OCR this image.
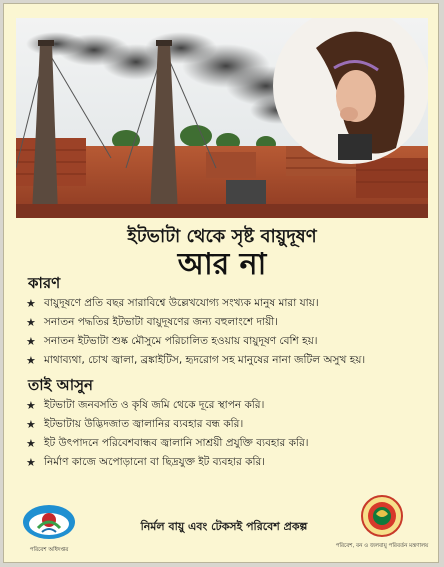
ইটভাটা থেকে সৃষ্ট বায়ুদূষণ
আর না
কারণ
★ বায়ুদূষণে প্রতি বছর সারাবিশ্বে উল্লেখযোগ্য সংখ্যক মানুষ মারা যায়।
★ সনাতন পদ্ধতির ইটভাটা বায়ুদূষণের জন্য বহুলাংশে দায়ী।
★ সনাতন ইটভাটা শুষ্ক মৌসুমে পরিচালিত হওয়ায় বায়ুদূষণ বেশি হয়।
★ মাথাব্যথা, চোখ জ্বালা, ব্রঙ্কাইটিস, হৃদরোগ সহ মানুষের নানা জটিল অসুখ হয়।
তাই আসুন
★ ইটভাটা জনবসতি ও কৃষি জমি থেকে দূরে স্থাপন করি।
★ ইটভাটায় উদ্ভিদজাত জ্বালানির ব্যবহার বন্ধ করি।
★ ইট উৎপাদনে পরিবেশবান্ধব জ্বালানি সাশ্রয়ী প্রযুক্তি ব্যবহার করি।
★ নির্মাণ কাজে অপোড়ানো বা ছিদ্রযুক্ত ইট ব্যবহার করি।
পরিবেশ অধিদপ্তর
নির্মল বায়ু এবং টেকসই পরিবেশ প্রকল্প
পরিবেশ, বন ও জলবায়ু পরিবর্তন মন্ত্রণালয়
